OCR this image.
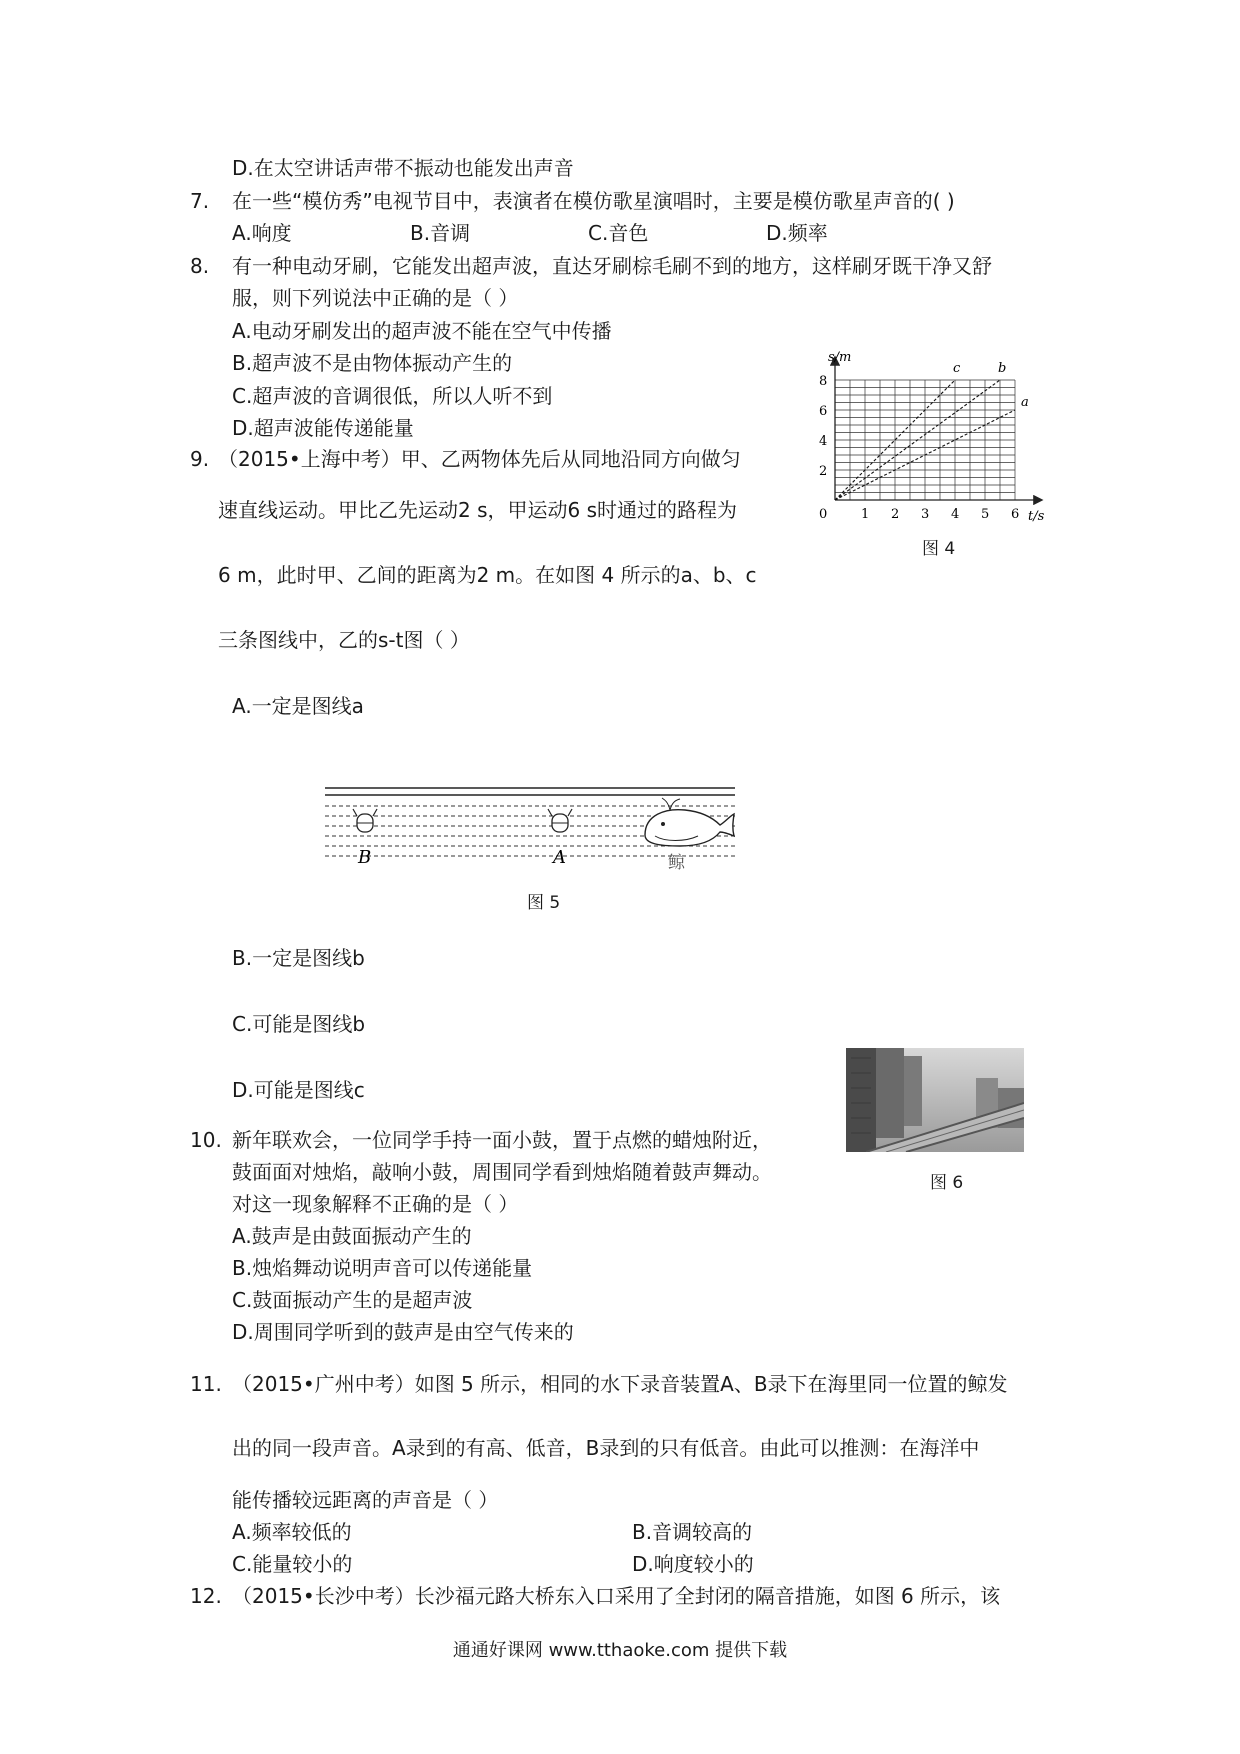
D.在太空讲话声带不振动也能发出声音
7. 在一些“模仿秀”电视节目中，表演者在模仿歌星演唱时，主要是模仿歌星声音的( )
A.响度	B.音调	C.音色	D.频率
8. 有一种电动牙刷，它能发出超声波，直达牙刷棕毛刷不到的地方，这样刷牙既干净又舒
服，则下列说法中正确的是（ ）
A.电动牙刷发出的超声波不能在空气中传播
B.超声波不是由物体振动产生的
C.超声波的音调很低，所以人听不到
D.超声波能传递能量
0	1 2 3 4 5 6
2
4
6
8
c	b
a
s/m
t/s
图 4
9. （2015•上海中考）甲、乙两物体先后从同地沿同方向做匀
速直线运动。甲比乙先运动2 s，甲运动6 s时通过的路程为
6 m，此时甲、乙间的距离为2 m。在如图 4 所示的a、b、c
三条图线中，乙的s-t图（ ）
A.一定是图线a
B	A	鲸
图 5
B.一定是图线b
C.可能是图线b
D.可能是图线c
图 6
10. 新年联欢会，一位同学手持一面小鼓，置于点燃的蜡烛附近，
鼓面面对烛焰，敲响小鼓，周围同学看到烛焰随着鼓声舞动。
对这一现象解释不正确的是（ ）
A.鼓声是由鼓面振动产生的
B.烛焰舞动说明声音可以传递能量
C.鼓面振动产生的是超声波
D.周围同学听到的鼓声是由空气传来的
11. （2015•广州中考）如图 5 所示，相同的水下录音装置A、B录下在海里同一位置的鲸发
出的同一段声音。A录到的有高、低音，B录到的只有低音。由此可以推测：在海洋中
能传播较远距离的声音是（ ）
A.频率较低的	B.音调较高的
C.能量较小的	D.响度较小的
12. （2015•长沙中考）长沙福元路大桥东入口采用了全封闭的隔音措施，如图 6 所示，该
通通好课网 www.tthaoke.com 提供下载
